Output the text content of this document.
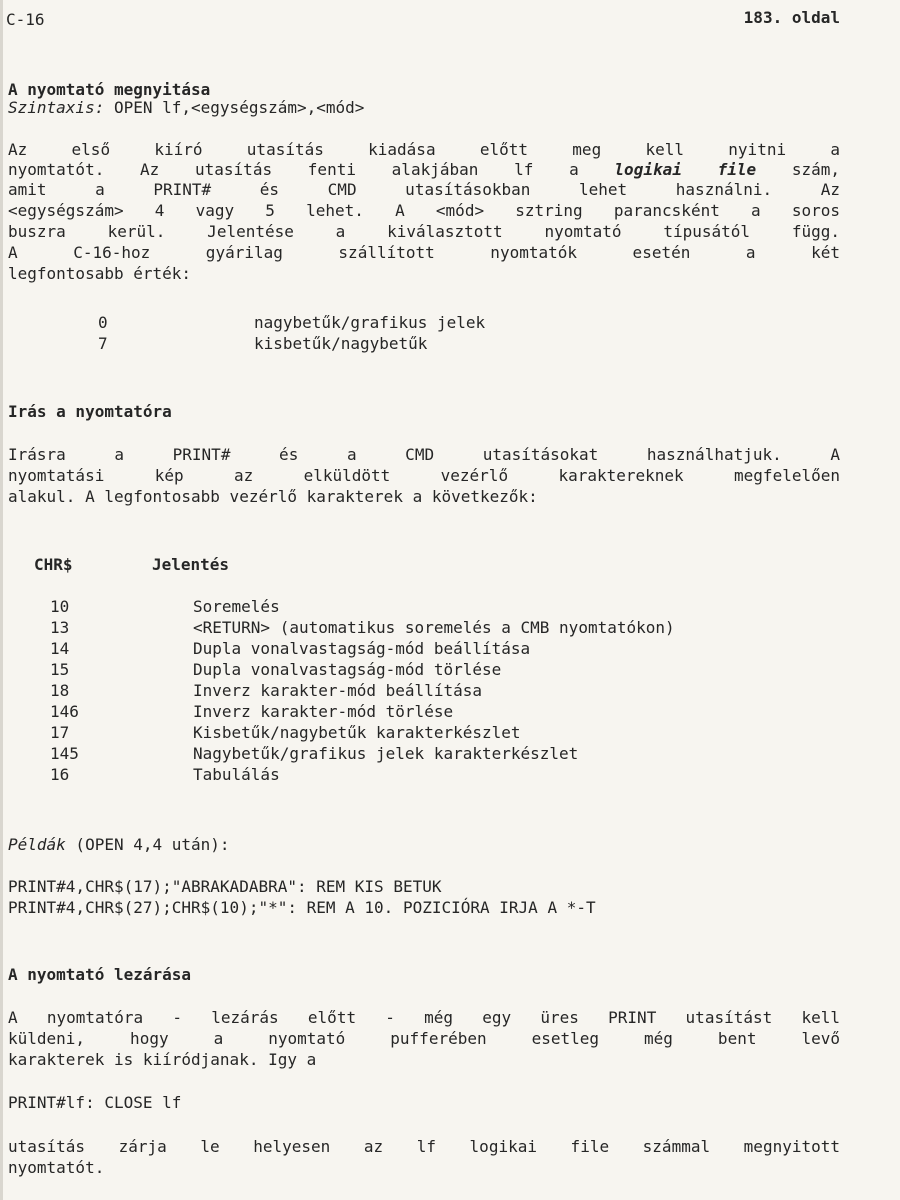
C-16	183. oldal
A nyomtató megnyitása
Szintaxis: OPEN lf,<egységszám>,<mód>
Az első kiíró utasítás kiadása előtt meg kell nyitni a
nyomtatót. Az utasítás fenti alakjában lf a logikai file szám,
amit a PRINT# és CMD utasításokban lehet használni. Az
<egységszám> 4 vagy 5 lehet. A <mód> sztring parancsként a soros
buszra kerül. Jelentése a kiválasztott nyomtató típusától függ.
A C-16-hoz gyárilag szállított nyomtatók esetén a két
legfontosabb érték:
0	nagybetűk/grafikus jelek
7	kisbetűk/nagybetűk
Irás a nyomtatóra
Irásra a PRINT# és a CMD utasításokat használhatjuk. A
nyomtatási kép az elküldött vezérlő karaktereknek megfelelően
alakul. A legfontosabb vezérlő karakterek a következők:
CHR$	Jelentés
10	Soremelés
13	<RETURN> (automatikus soremelés a CMB nyomtatókon)
14	Dupla vonalvastagság-mód beállítása
15	Dupla vonalvastagság-mód törlése
18	Inverz karakter-mód beállítása
146	Inverz karakter-mód törlése
17	Kisbetűk/nagybetűk karakterkészlet
145	Nagybetűk/grafikus jelek karakterkészlet
16	Tabulálás
Példák (OPEN 4,4 után):
PRINT#4,CHR$(17);"ABRAKADABRA": REM KIS BETUK
PRINT#4,CHR$(27);CHR$(10);"*": REM A 10. POZICIÓRA IRJA A *-T
A nyomtató lezárása
A nyomtatóra - lezárás előtt - még egy üres PRINT utasítást kell
küldeni, hogy a nyomtató pufferében esetleg még bent levő
karakterek is kiíródjanak. Igy a
PRINT#lf: CLOSE lf
utasítás zárja le helyesen az lf logikai file számmal megnyitott
nyomtatót.
